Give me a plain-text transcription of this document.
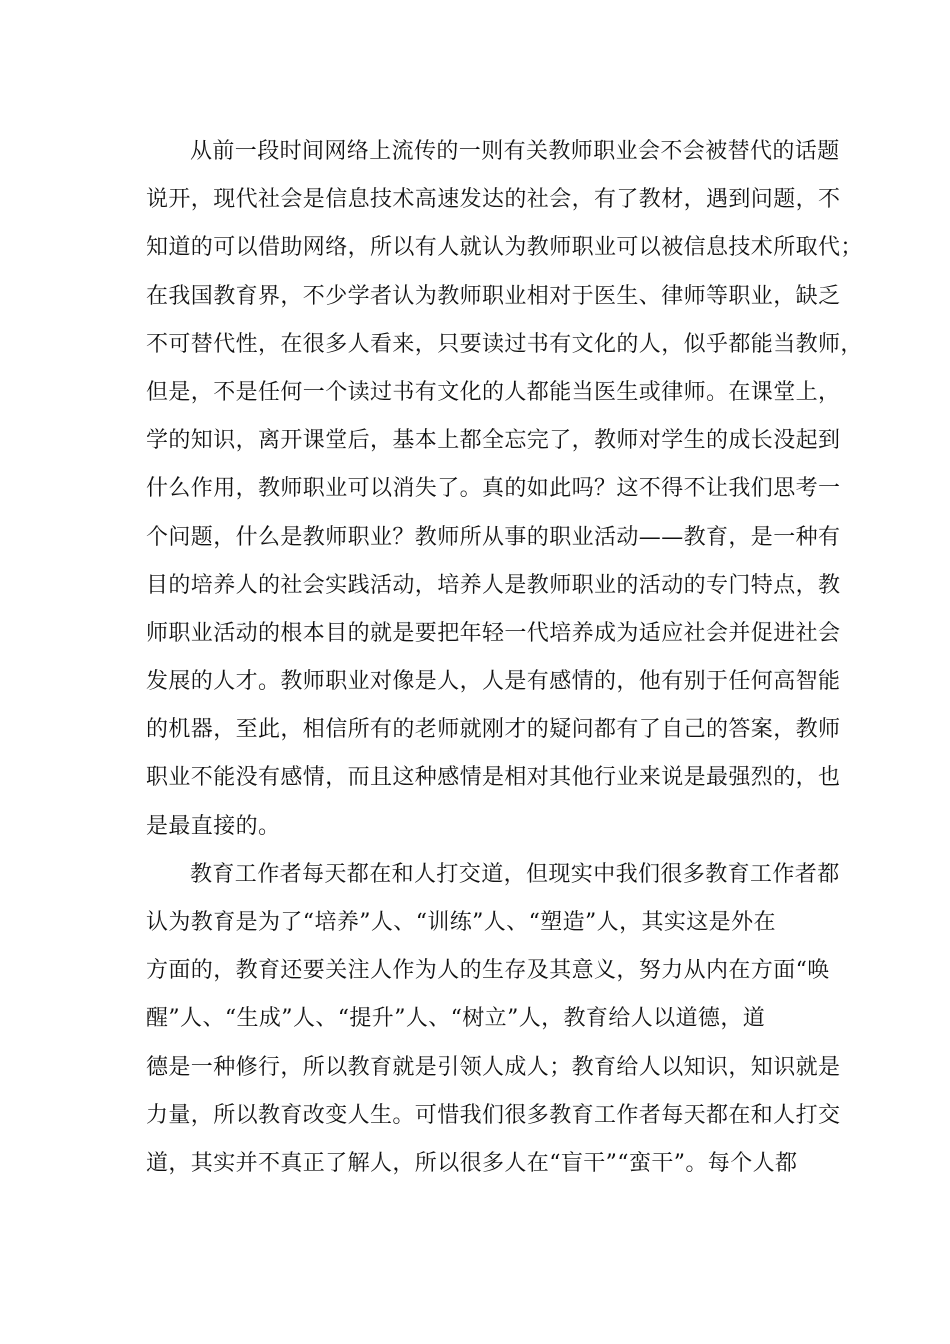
从前一段时间网络上流传的一则有关教师职业会不会被替代的话题
说开，现代社会是信息技术高速发达的社会，有了教材，遇到问题，不
知道的可以借助网络，所以有人就认为教师职业可以被信息技术所取代；
在我国教育界，不少学者认为教师职业相对于医生、律师等职业，缺乏
不可替代性，在很多人看来，只要读过书有文化的人，似乎都能当教师，
但是，不是任何一个读过书有文化的人都能当医生或律师。在课堂上，
学的知识，离开课堂后，基本上都全忘完了，教师对学生的成长没起到
什么作用，教师职业可以消失了。真的如此吗？这不得不让我们思考一
个问题，什么是教师职业？教师所从事的职业活动——教育，是一种有
目的培养人的社会实践活动，培养人是教师职业的活动的专门特点，教
师职业活动的根本目的就是要把年轻一代培养成为适应社会并促进社会
发展的人才。教师职业对像是人，人是有感情的，他有别于任何高智能
的机器，至此，相信所有的老师就刚才的疑问都有了自己的答案，教师
职业不能没有感情，而且这种感情是相对其他行业来说是最强烈的，也
是最直接的。
教育工作者每天都在和人打交道，但现实中我们很多教育工作者都
认为教育是为了“培养”人、“训练”人、“塑造”人，其实这是外在
方面的，教育还要关注人作为人的生存及其意义，努力从内在方面“唤
醒”人、“生成”人、“提升”人、“树立”人，教育给人以道德，道
德是一种修行，所以教育就是引领人成人；教育给人以知识，知识就是
力量，所以教育改变人生。可惜我们很多教育工作者每天都在和人打交
道，其实并不真正了解人，所以很多人在“盲干”“蛮干”。每个人都
